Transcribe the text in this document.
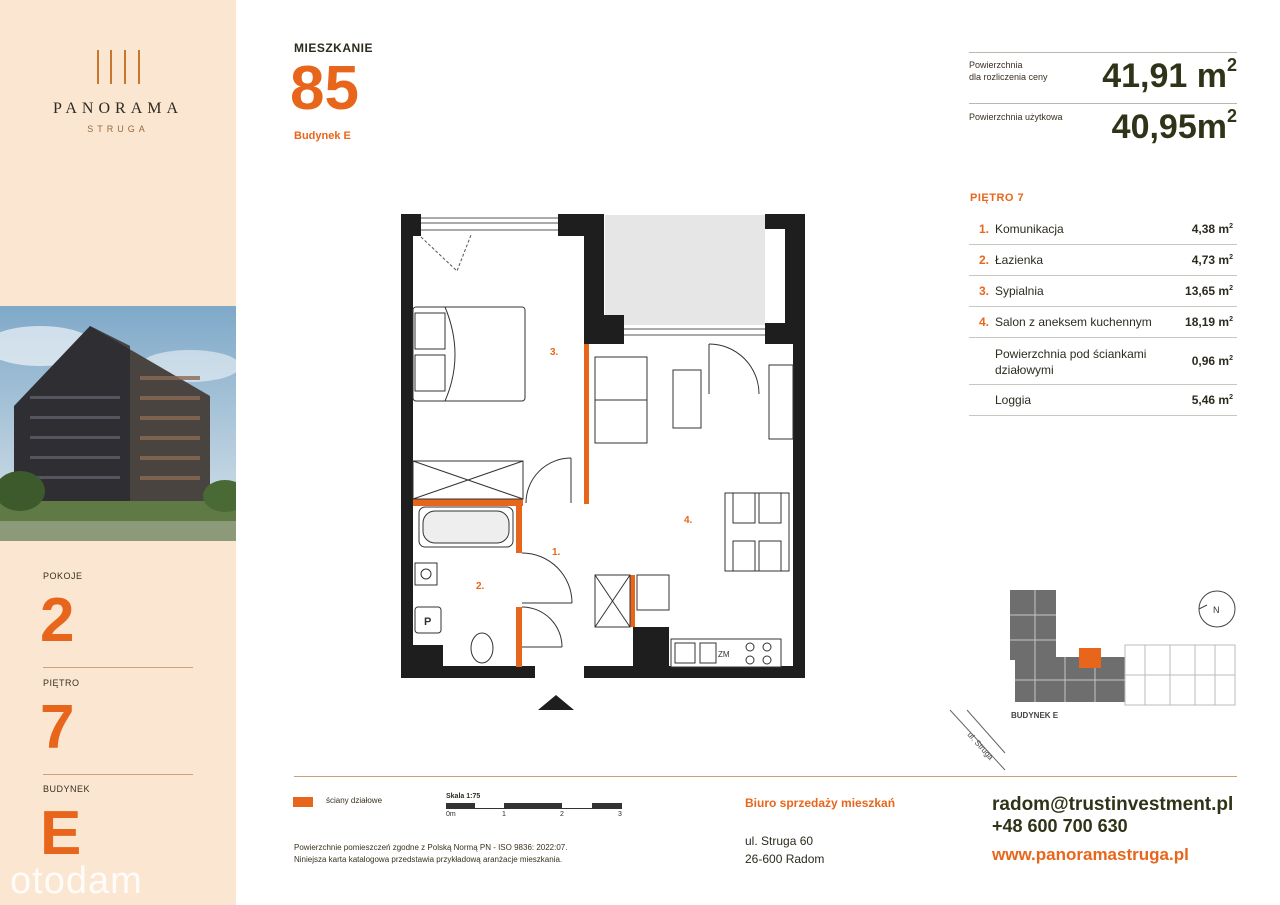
PANORAMA
STRUGA
POKOJE
2
PIĘTRO
7
BUDYNEK
E
otodam
MIESZKANIE
85
Budynek E
Powierzchnia
dla rozliczenia ceny 41,91 $m^2$
Powierzchnia użytkowa $40,95m^2$
PIĘTRO 7
1. Komunikacja	4,38 $m^2$
2. Łazienka	4,73 $m^2$
3. Sypialnia	13,65 $m^2$
4. Salon z aneksem kuchennym	18,19 $m^2$
Powierzchnia pod ściankami
działowymi
0,96 $m^2$
Loggia	5,46 $m^2$
P
ZM
3.
4.
1.
2.
N
BUDYNEK E
ul. Struga
ściany działowe	Skala 1:75
0m	1	2	3
Powierzchnie pomieszczeń zgodne z Polską Normą PN - ISO 9836: 2022:07.
Niniejsza karta katalogowa przedstawia przykładową aranżacje mieszkania.
Biuro sprzedaży mieszkań
ul. Struga 60
26-600 Radom
radom@trustinvestment.pl
+48 600 700 630
www.panoramastruga.pl
